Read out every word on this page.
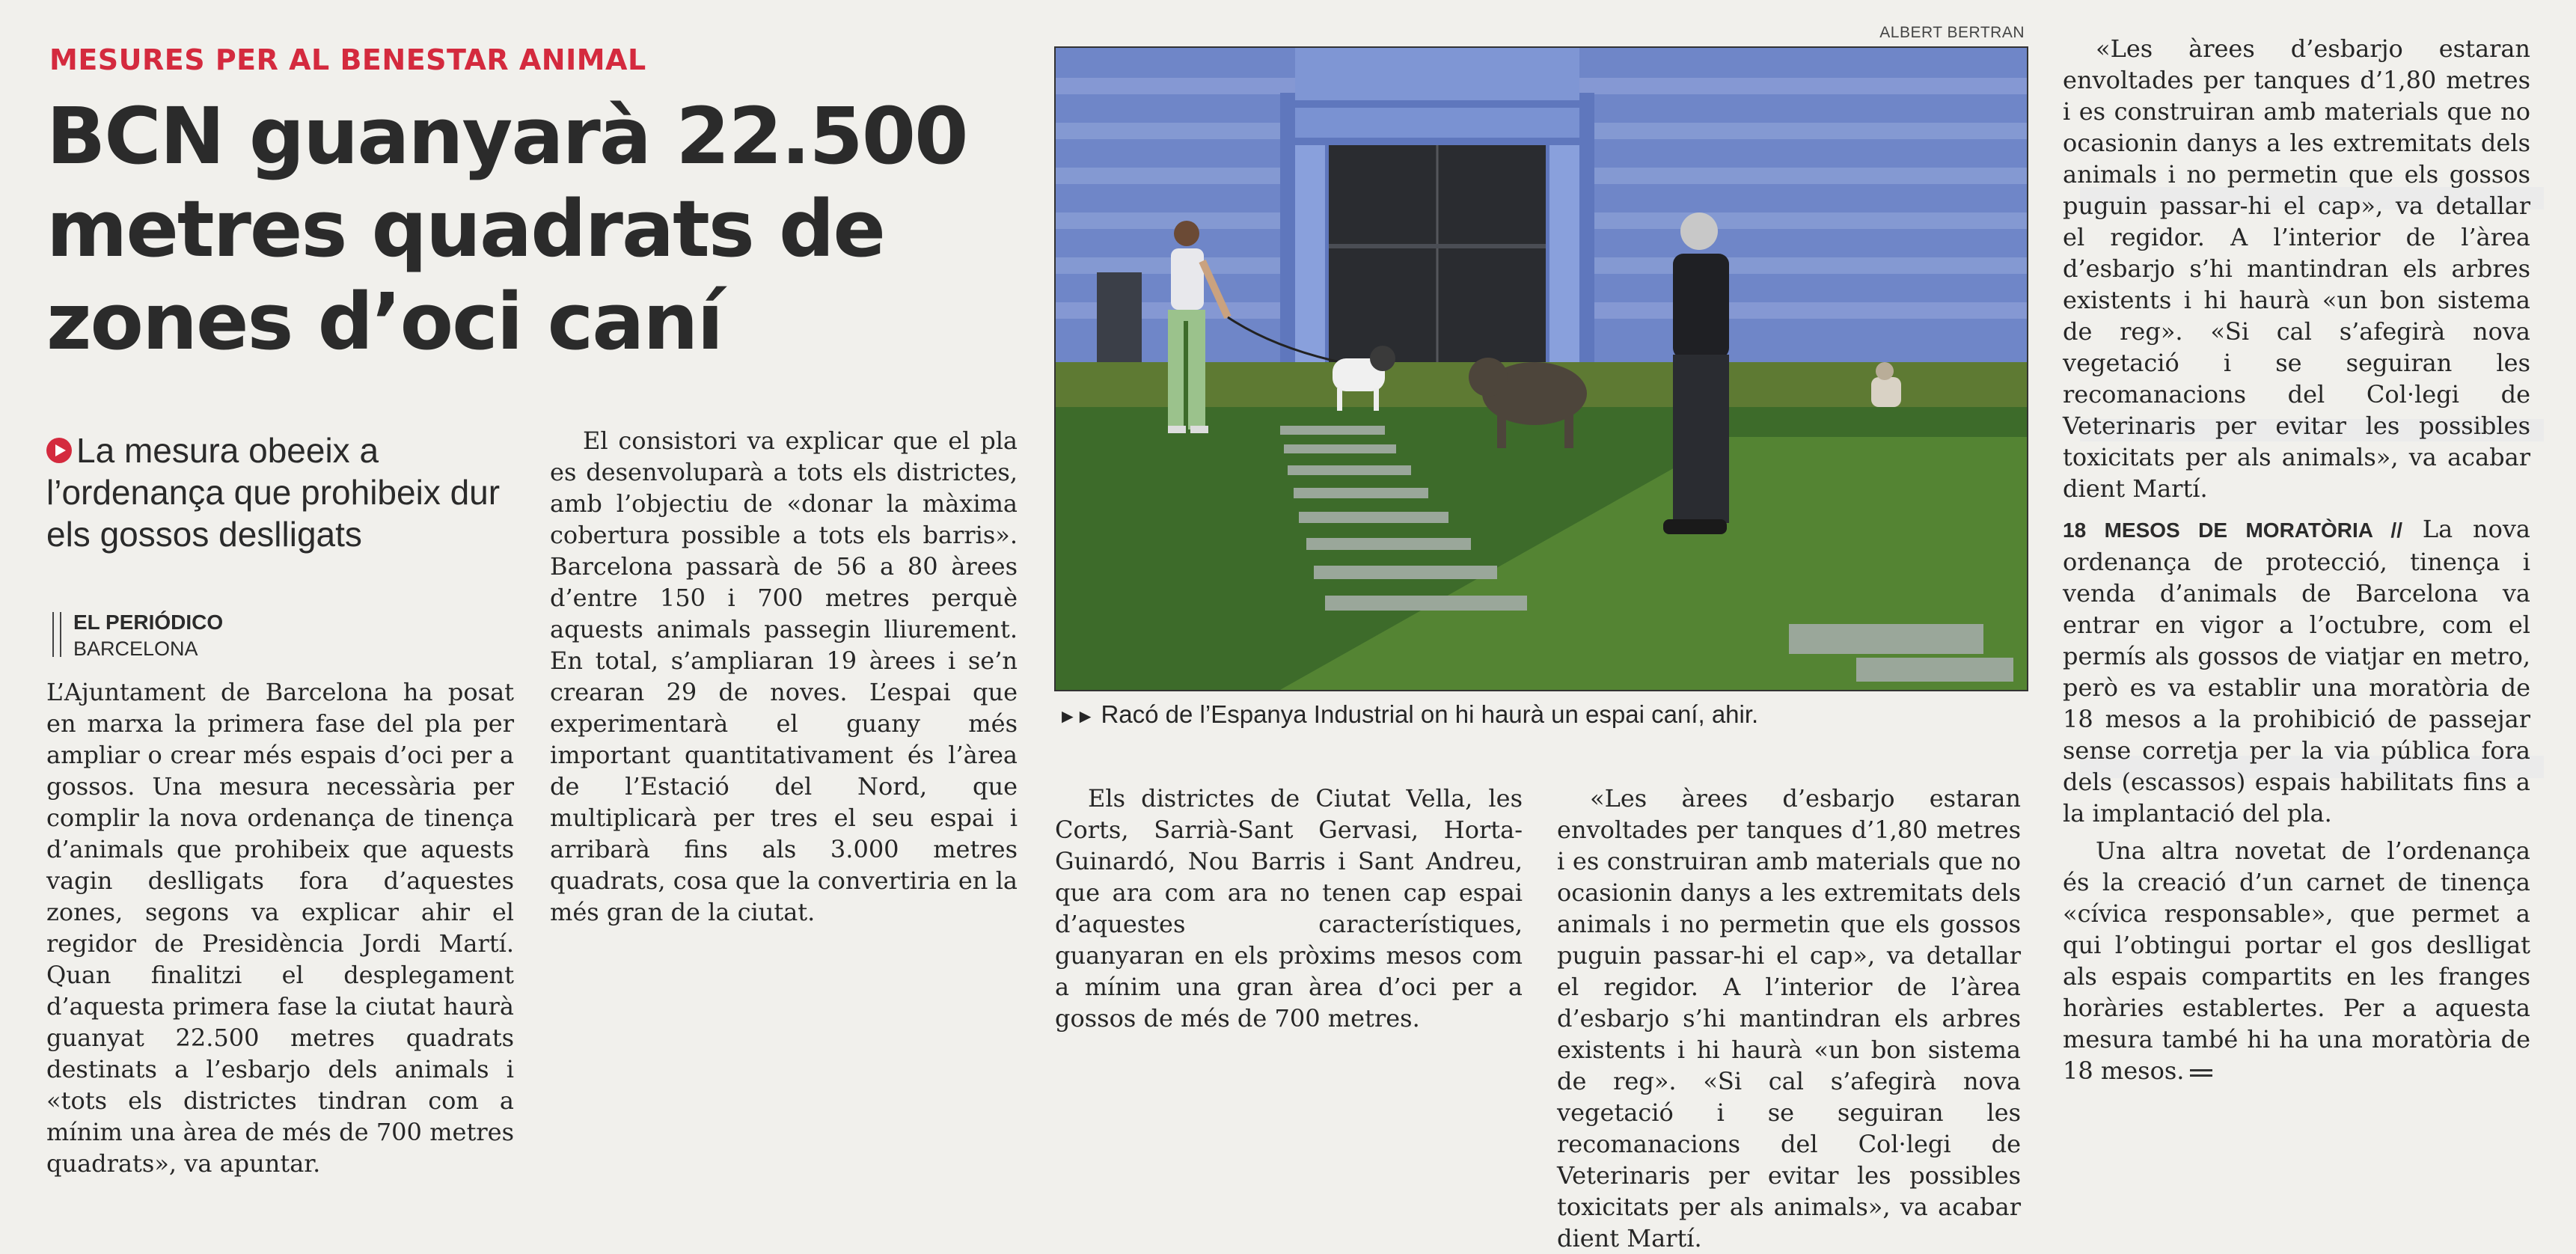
MESURES PER AL BENESTAR ANIMAL
BCN guanyarà 22.500 metres quadrats de zones d’oci caní
La mesura obeeix a l’ordenança que prohibeix dur els gossos deslligats
EL PERIÓDICO
BARCELONA

L’Ajuntament de Barcelona ha posat en marxa la primera fase del pla per ampliar o crear més espais d’oci per a gossos. Una mesura necessària per complir la nova ordenança de tinença d’animals que prohibeix que aquests vagin deslligats fora d’aquestes zones, segons va explicar ahir el regidor de Presidència Jordi Martí. Quan finalitzi el desplegament d’aquesta primera fase la ciutat haurà guanyat 22.500 metres quadrats destinats a l’esbarjo dels animals i «tots els districtes tindran com a mínim una àrea de més de 700 metres quadrats», va apuntar.

El consistori va explicar que el pla es desenvoluparà a tots els districtes, amb l’objectiu de «donar la màxima cobertura possible a tots els barris». Barcelona passarà de 56 a 80 àrees d’entre 150 i 700 metres perquè aquests animals passegin lliurement. En total, s’ampliaran 19 àrees i se’n crearan 29 de noves. L’espai que experimentarà el guany més important quantitativament és l’àrea de l’Estació del Nord, que multiplicarà per tres el seu espai i arribarà fins als 3.000 metres quadrats, cosa que la convertiria en la més gran de la ciutat.

Els districtes de Ciutat Vella, les Corts, Sarrià-Sant Gervasi, Horta-Guinardó, Nou Barris i Sant Andreu, que ara com ara no tenen cap espai d’aquestes característiques, guanyaran en els pròxims mesos com a mínim una gran àrea d’oci per a gossos de més de 700 metres.

«Les àrees d’esbarjo estaran envoltades per tanques d’1,80 metres i es construiran amb materials que no ocasionin danys a les extremitats dels animals i no permetin que els gossos puguin passar-hi el cap», va detallar el regidor. A l’interior de l’àrea d’esbarjo s’hi mantindran els arbres existents i hi haurà «un bon sistema de reg». «Si cal s’afegirà nova vegetació i se seguiran les recomanacions del Col·legi de Veterinaris per evitar les possibles toxicitats per als animals», va acabar dient Martí.

«Les àrees d’esbarjo estaran envoltades per tanques d’1,80 metres i es construiran amb materials que no ocasionin danys a les extremitats dels animals i no permetin que els gossos puguin passar-hi el cap», va detallar el regidor. A l’interior de l’àrea d’esbarjo s’hi mantindran els arbres existents i hi haurà «un bon sistema de reg». «Si cal s’afegirà nova vegetació i se seguiran les recomanacions del Col·legi de Veterinaris per evitar les possibles toxicitats per als animals», va acabar dient Martí.

18 MESOS DE MORATÒRIA // La nova ordenança de protecció, tinença i venda d’animals de Barcelona va entrar en vigor a l’octubre, com el permís als gossos de viatjar en metro, però es va establir una moratòria de 18 mesos a la prohibició de passejar sense corretja per la via pública fora dels (escassos) espais habilitats fins a la implantació del pla.

Una altra novetat de l’ordenança és la creació d’un carnet de tinença «cívica responsable», que permet a qui l’obtingui portar el gos deslligat als espais compartits en les franges horàries establertes. Per a aquesta mesura també hi ha una moratòria de 18 mesos.

ALBERT BERTRAN
►► Racó de l’Espanya Industrial on hi haurà un espai caní, ahir.
